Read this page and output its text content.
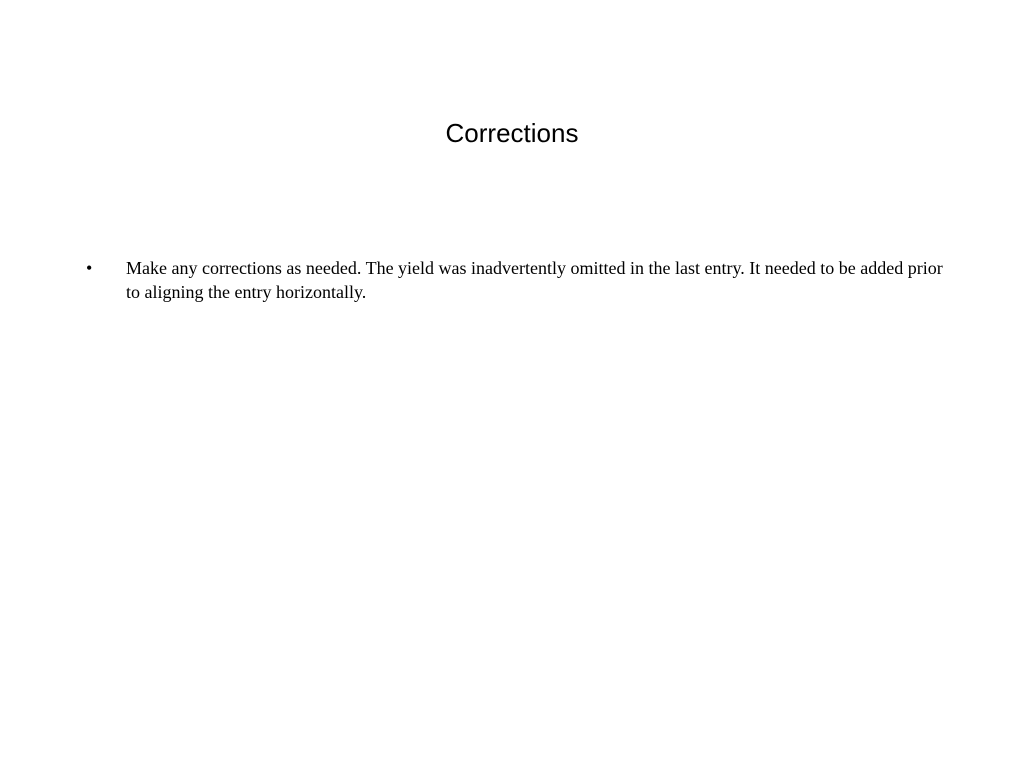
Corrections
• Make any corrections as needed. The yield was inadvertently omitted in the last entry. It needed to be added prior to aligning the entry horizontally.
